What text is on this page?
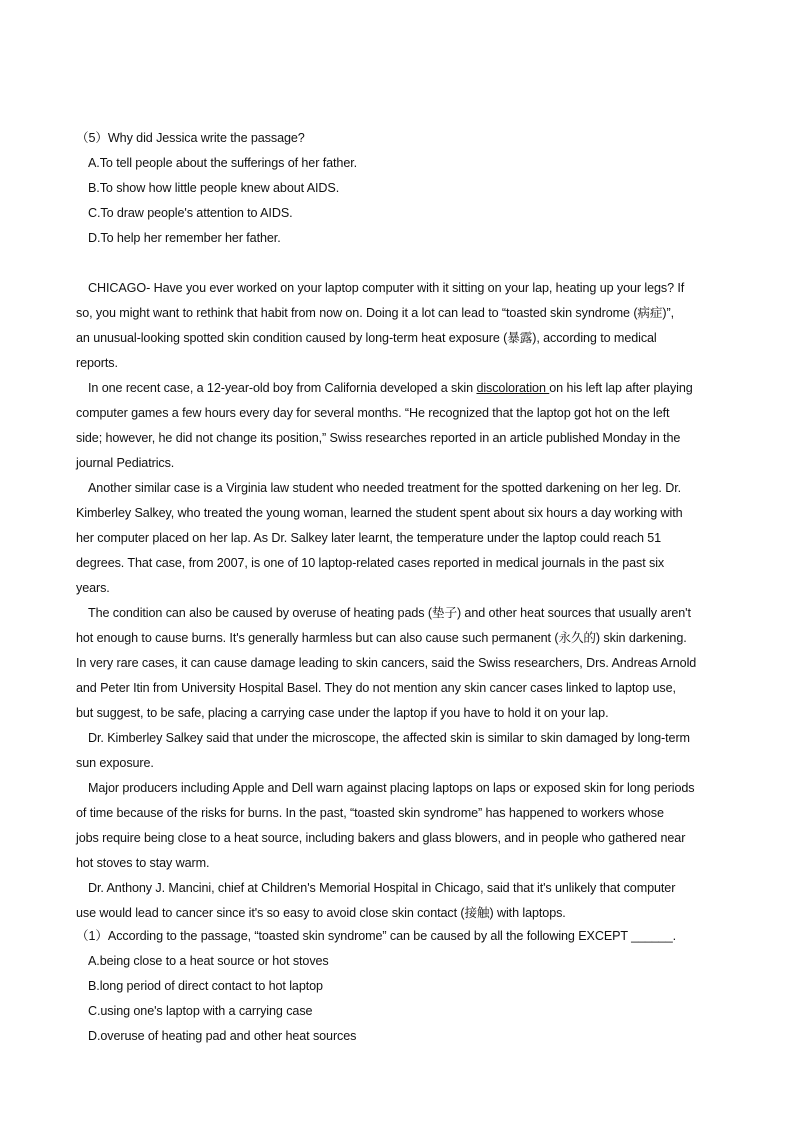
（5）Why did Jessica write the passage?
A.To tell people about the sufferings of her father.
B.To show how little people knew about AIDS.
C.To draw people's attention to AIDS.
D.To help her remember her father.
CHICAGO- Have you ever worked on your laptop computer with it sitting on your lap, heating up your legs? If
so, you might want to rethink that habit from now on. Doing it a lot can lead to “toasted skin syndrome (病症)”,
an unusual-looking spotted skin condition caused by long-term heat exposure (暴露), according to medical
reports.
In one recent case, a 12-year-old boy from California developed a skin discoloration on his left lap after playing
computer games a few hours every day for several months. “He recognized that the laptop got hot on the left
side; however, he did not change its position,” Swiss researches reported in an article published Monday in the
journal Pediatrics.
Another similar case is a Virginia law student who needed treatment for the spotted darkening on her leg. Dr.
Kimberley Salkey, who treated the young woman, learned the student spent about six hours a day working with
her computer placed on her lap. As Dr. Salkey later learnt, the temperature under the laptop could reach 51
degrees. That case, from 2007, is one of 10 laptop-related cases reported in medical journals in the past six
years.
The condition can also be caused by overuse of heating pads (垫子) and other heat sources that usually aren't
hot enough to cause burns. It's generally harmless but can also cause such permanent (永久的) skin darkening.
In very rare cases, it can cause damage leading to skin cancers, said the Swiss researchers, Drs. Andreas Arnold
and Peter Itin from University Hospital Basel. They do not mention any skin cancer cases linked to laptop use,
but suggest, to be safe, placing a carrying case under the laptop if you have to hold it on your lap.
Dr. Kimberley Salkey said that under the microscope, the affected skin is similar to skin damaged by long-term
sun exposure.
Major producers including Apple and Dell warn against placing laptops on laps or exposed skin for long periods
of time because of the risks for burns. In the past, “toasted skin syndrome” has happened to workers whose
jobs require being close to a heat source, including bakers and glass blowers, and in people who gathered near
hot stoves to stay warm.
Dr. Anthony J. Mancini, chief at Children's Memorial Hospital in Chicago, said that it's unlikely that computer
use would lead to cancer since it's so easy to avoid close skin contact (接触) with laptops.
（1）According to the passage, “toasted skin syndrome” can be caused by all the following EXCEPT ______.
A.being close to a heat source or hot stoves
B.long period of direct contact to hot laptop
C.using one's laptop with a carrying case
D.overuse of heating pad and other heat sources
